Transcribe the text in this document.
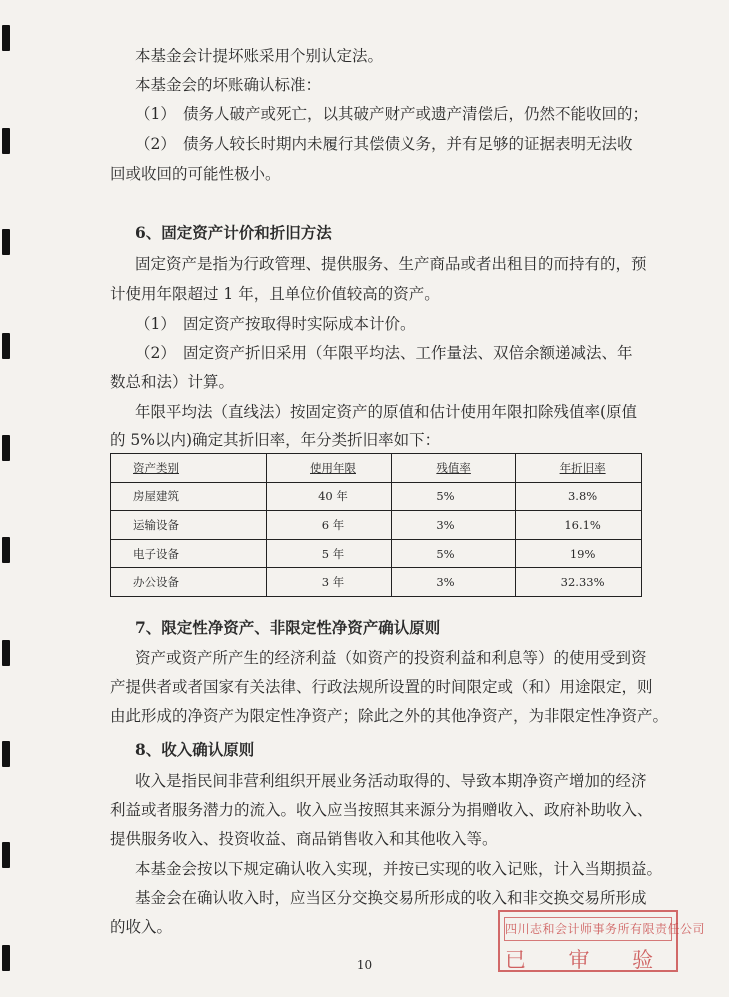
本基金会计提坏账采用个别认定法。
本基金会的坏账确认标准：
（1） 债务人破产或死亡，以其破产财产或遗产清偿后，仍然不能收回的；
（2） 债务人较长时期内未履行其偿债义务，并有足够的证据表明无法收
回或收回的可能性极小。
6、固定资产计价和折旧方法
固定资产是指为行政管理、提供服务、生产商品或者出租目的而持有的，预
计使用年限超过 1 年，且单位价值较高的资产。
（1） 固定资产按取得时实际成本计价。
（2） 固定资产折旧采用（年限平均法、工作量法、双倍余额递减法、年
数总和法）计算。
年限平均法（直线法）按固定资产的原值和估计使用年限扣除残值率(原值
的 5%以内)确定其折旧率，年分类折旧率如下：
资产类别	使用年限	残值率	年折旧率
房屋建筑	40 年	5%	3.8%
运输设备	6 年	3%	16.1%
电子设备	5 年	5%	19%
办公设备	3 年	3%	32.33%
7、限定性净资产、非限定性净资产确认原则
资产或资产所产生的经济利益（如资产的投资利益和利息等）的使用受到资
产提供者或者国家有关法律、行政法规所设置的时间限定或（和）用途限定，则
由此形成的净资产为限定性净资产；除此之外的其他净资产，为非限定性净资产。
8、收入确认原则
收入是指民间非营利组织开展业务活动取得的、导致本期净资产增加的经济
利益或者服务潜力的流入。收入应当按照其来源分为捐赠收入、政府补助收入、
提供服务收入、投资收益、商品销售收入和其他收入等。
本基金会按以下规定确认收入实现，并按已实现的收入记账，计入当期损益。
基金会在确认收入时，应当区分交换交易所形成的收入和非交换交易所形成
的收入。
10
四川志和会计师事务所有限责任公司
已 审 验
